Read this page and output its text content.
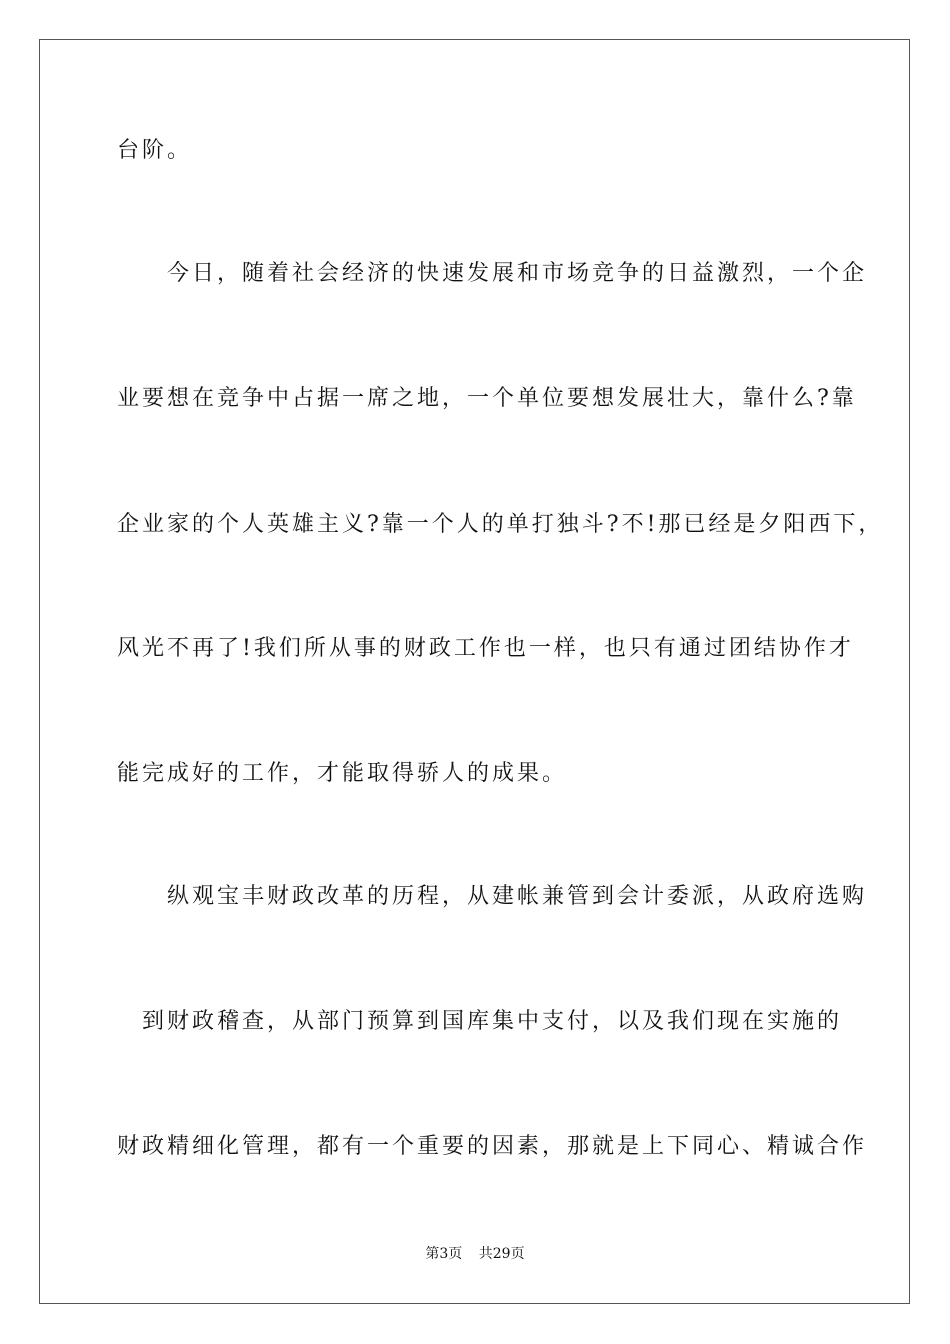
台阶。
　　今日，随着社会经济的快速发展和市场竞争的日益激烈，一个企
业要想在竞争中占据一席之地，一个单位要想发展壮大，靠什么?靠
企业家的个人英雄主义?靠一个人的单打独斗?不!那已经是夕阳西下，
风光不再了!我们所从事的财政工作也一样，也只有通过团结协作才
能完成好的工作，才能取得骄人的成果。
　　纵观宝丰财政改革的历程，从建帐兼管到会计委派，从政府选购
　到财政稽查，从部门预算到国库集中支付，以及我们现在实施的
财政精细化管理，都有一个重要的因素，那就是上下同心、精诚合作
第3页 共29页
